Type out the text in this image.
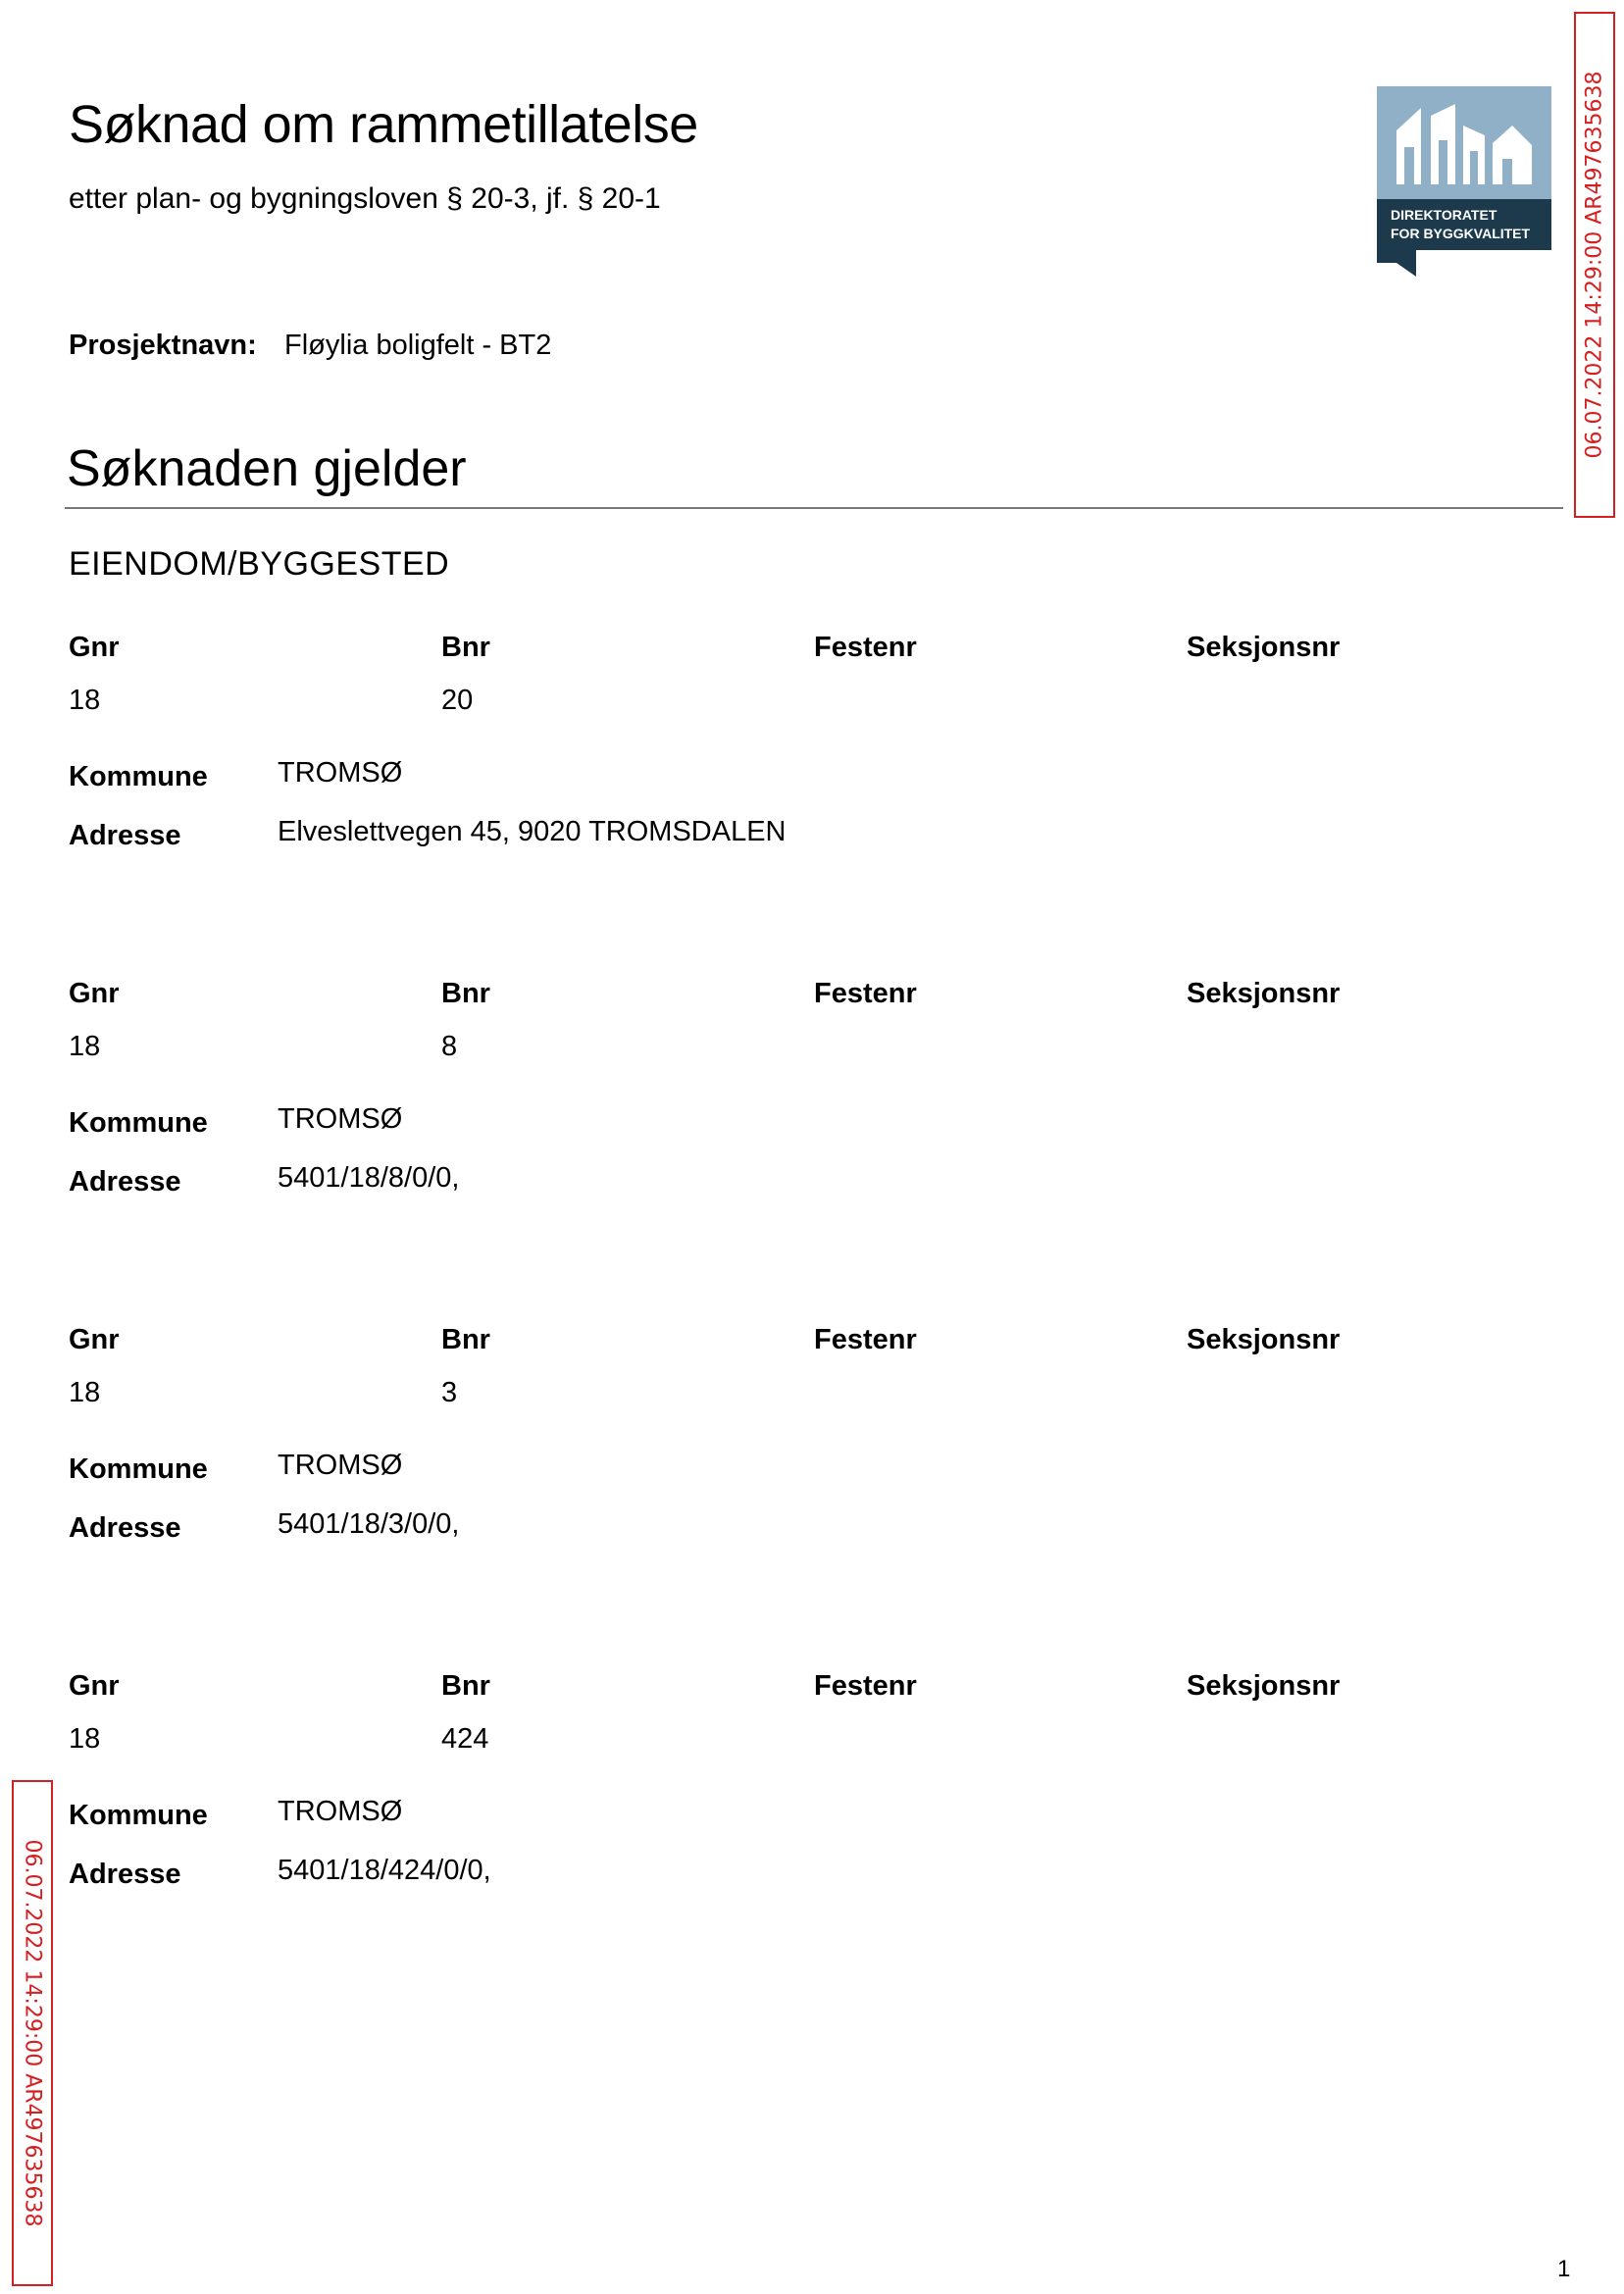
Søknad om rammetillatelse
etter plan- og bygningsloven § 20-3, jf. § 20-1	DIREKTORATET
FOR BYGGKVALITET
Prosjektnavn: Fløylia boligfelt - BT2
Søknaden gjelder
EIENDOM/BYGGESTED
Gnr	Bnr	Festenr	Seksjonsnr
18	20
Kommune TROMSØ
Adresse	Elveslettvegen 45, 9020 TROMSDALEN
Gnr	Bnr	Festenr	Seksjonsnr
18	8
Kommune TROMSØ
Adresse	5401/18/8/0/0,
Gnr	Bnr	Festenr	Seksjonsnr
18	3
Kommune TROMSØ
Adresse	5401/18/3/0/0,
Gnr	Bnr	Festenr	Seksjonsnr
18	424
Kommune TROMSØ
Adresse	5401/18/424/0/0,
06.07.2022 14:29:00 AR497635638
06.07.2022 14:29:00 AR497635638
1
